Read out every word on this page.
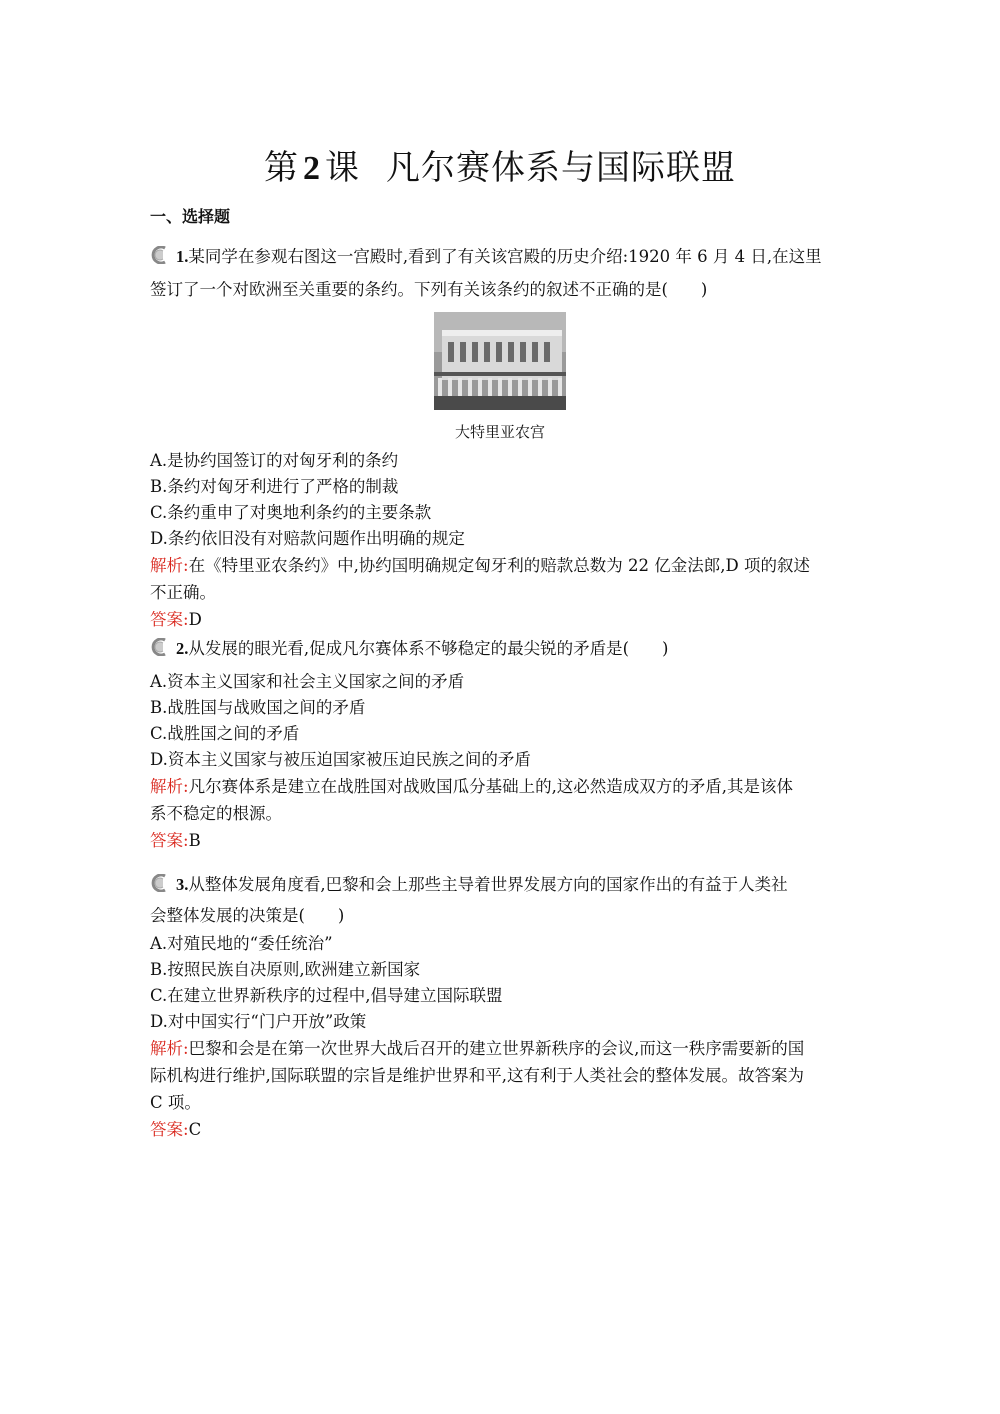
第 2 课 凡尔赛体系与国际联盟
一、选择题
1.某同学在参观右图这一宫殿时,看到了有关该宫殿的历史介绍:1920 年 6 月 4 日,在这里
签订了一个对欧洲至关重要的条约。下列有关该条约的叙述不正确的是(　　)
大特里亚农宫
A.是协约国签订的对匈牙利的条约
B.条约对匈牙利进行了严格的制裁
C.条约重申了对奥地利条约的主要条款
D.条约依旧没有对赔款问题作出明确的规定
解析:在《特里亚农条约》中,协约国明确规定匈牙利的赔款总数为 22 亿金法郎,D 项的叙述
不正确。
答案:D
2.从发展的眼光看,促成凡尔赛体系不够稳定的最尖锐的矛盾是(　　)
A.资本主义国家和社会主义国家之间的矛盾
B.战胜国与战败国之间的矛盾
C.战胜国之间的矛盾
D.资本主义国家与被压迫国家被压迫民族之间的矛盾
解析:凡尔赛体系是建立在战胜国对战败国瓜分基础上的,这必然造成双方的矛盾,其是该体
系不稳定的根源。
答案:B
3.从整体发展角度看,巴黎和会上那些主导着世界发展方向的国家作出的有益于人类社
会整体发展的决策是(　　)
A.对殖民地的“委任统治”
B.按照民族自决原则,欧洲建立新国家
C.在建立世界新秩序的过程中,倡导建立国际联盟
D.对中国实行“门户开放”政策
解析:巴黎和会是在第一次世界大战后召开的建立世界新秩序的会议,而这一秩序需要新的国
际机构进行维护,国际联盟的宗旨是维护世界和平,这有利于人类社会的整体发展。故答案为
C 项。
答案:C
